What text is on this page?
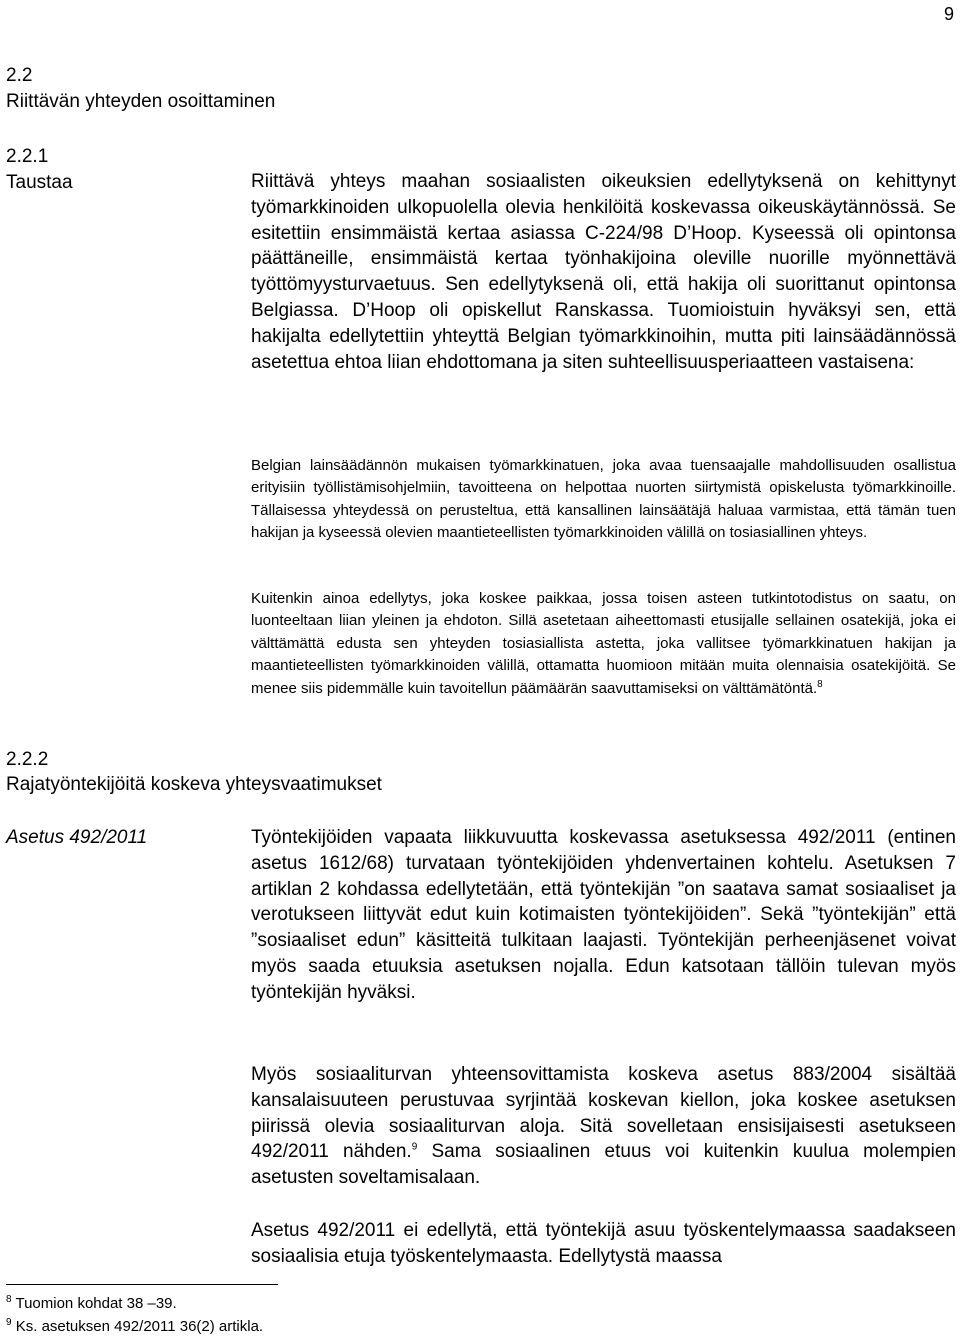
9
2.2
Riittävän yhteyden osoittaminen
2.2.1
Taustaa	Riittävä yhteys maahan sosiaalisten oikeuksien edellytyksenä on kehittynyt työmarkkinoiden ulkopuolella olevia henkilöitä koskevassa oikeuskäytännössä. Se esitettiin ensimmäistä kertaa asiassa C-224/98 D’Hoop. Kyseessä oli opintonsa päättäneille, ensimmäistä kertaa työnhakijoina oleville nuorille myönnettävä työttömyysturvaetuus. Sen edellytyksenä oli, että hakija oli suorittanut opintonsa Belgiassa. D’Hoop oli opiskellut Ranskassa. Tuomioistuin hyväksyi sen, että hakijalta edellytettiin yhteyttä Belgian työmarkkinoihin, mutta piti lainsäädännössä asetettua ehtoa liian ehdottomana ja siten suhteellisuusperiaatteen vastaisena:

Belgian lainsäädännön mukaisen työmarkkinatuen, joka avaa tuensaajalle mahdollisuuden osallistua erityisiin työllistämisohjelmiin, tavoitteena on helpottaa nuorten siirtymistä opiskelusta työmarkkinoille. Tällaisessa yhteydessä on perusteltua, että kansallinen lainsäätäjä haluaa varmistaa, että tämän tuen hakijan ja kyseessä olevien maantieteellisten työmarkkinoiden välillä on tosiasiallinen yhteys.

Kuitenkin ainoa edellytys, joka koskee paikkaa, jossa toisen asteen tutkintotodistus on saatu, on luonteeltaan liian yleinen ja ehdoton. Sillä asetetaan aiheettomasti etusijalle sellainen osatekijä, joka ei välttämättä edusta sen yhteyden tosiasiallista astetta, joka vallitsee työmarkkinatuen hakijan ja maantieteellisten työmarkkinoiden välillä, ottamatta huomioon mitään muita olennaisia osatekijöitä. Se menee siis pidemmälle kuin tavoitellun päämäärän saavuttamiseksi on välttämätöntä.$^8$

2.2.2
Rajatyöntekijöitä koskeva yhteysvaatimukset
Asetus 492/2011	Työntekijöiden vapaata liikkuvuutta koskevassa asetuksessa 492/2011 (entinen asetus 1612/68) turvataan työntekijöiden yhdenvertainen kohtelu. Asetuksen 7 artiklan 2 kohdassa edellytetään, että työntekijän ”on saatava samat sosiaaliset ja verotukseen liittyvät edut kuin kotimaisten työntekijöiden”. Sekä ”työntekijän” että ”sosiaaliset edun” käsitteitä tulkitaan laajasti. Työntekijän perheenjäsenet voivat myös saada etuuksia asetuksen nojalla. Edun katsotaan tällöin tulevan myös työntekijän hyväksi.

Myös sosiaaliturvan yhteensovittamista koskeva asetus 883/2004 sisältää kansalaisuuteen perustuvaa syrjintää koskevan kiellon, joka koskee asetuksen piirissä olevia sosiaaliturvan aloja. Sitä sovelletaan ensisijaisesti asetukseen 492/2011 nähden.$^9$ Sama sosiaalinen etuus voi kuitenkin kuulua molempien asetusten soveltamisalaan.

Asetus 492/2011 ei edellytä, että työntekijä asuu työskentelymaassa saadakseen sosiaalisia etuja työskentelymaasta. Edellytystä maassa

$^8$ Tuomion kohdat 38 –39.
$^9$ Ks. asetuksen 492/2011 36(2) artikla.
